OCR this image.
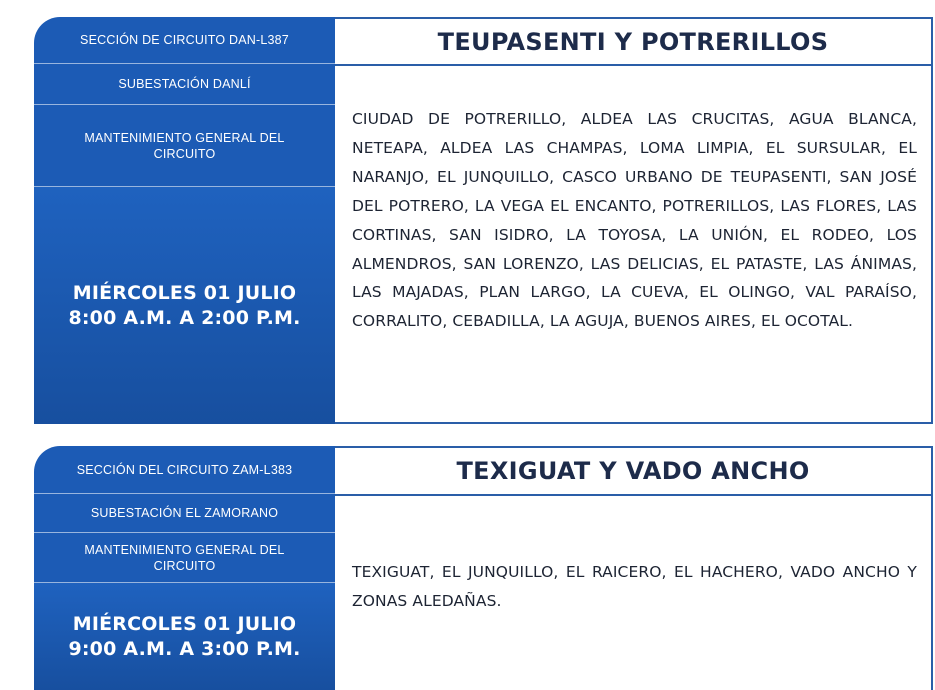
SECCIÓN DE CIRCUITO DAN-L387
SUBESTACIÓN DANLÍ
MANTENIMIENTO GENERAL DEL CIRCUITO
MIÉRCOLES 01 JULIO
8:00 A.M. A 2:00 P.M.
TEUPASENTI Y POTRERILLOS
CIUDAD DE POTRERILLO, ALDEA LAS CRUCITAS, AGUA BLANCA, NETEAPA, ALDEA LAS CHAMPAS, LOMA LIMPIA, EL SURSULAR, EL NARANJO, EL JUNQUILLO, CASCO URBANO DE TEUPASENTI, SAN JOSÉ DEL POTRERO, LA VEGA EL ENCANTO, POTRERILLOS, LAS FLORES, LAS CORTINAS, SAN ISIDRO, LA TOYOSA, LA UNIÓN, EL RODEO, LOS ALMENDROS, SAN LORENZO, LAS DELICIAS, EL PATASTE, LAS ÁNIMAS, LAS MAJADAS, PLAN LARGO, LA CUEVA, EL OLINGO, VAL PARAÍSO, CORRALITO, CEBADILLA, LA AGUJA, BUENOS AIRES, EL OCOTAL.
SECCIÓN DEL CIRCUITO ZAM-L383
SUBESTACIÓN EL ZAMORANO
MANTENIMIENTO GENERAL DEL CIRCUITO
MIÉRCOLES 01 JULIO
9:00 A.M. A 3:00 P.M.
TEXIGUAT Y VADO ANCHO
TEXIGUAT, EL JUNQUILLO, EL RAICERO, EL HACHERO, VADO ANCHO Y ZONAS ALEDAÑAS.
